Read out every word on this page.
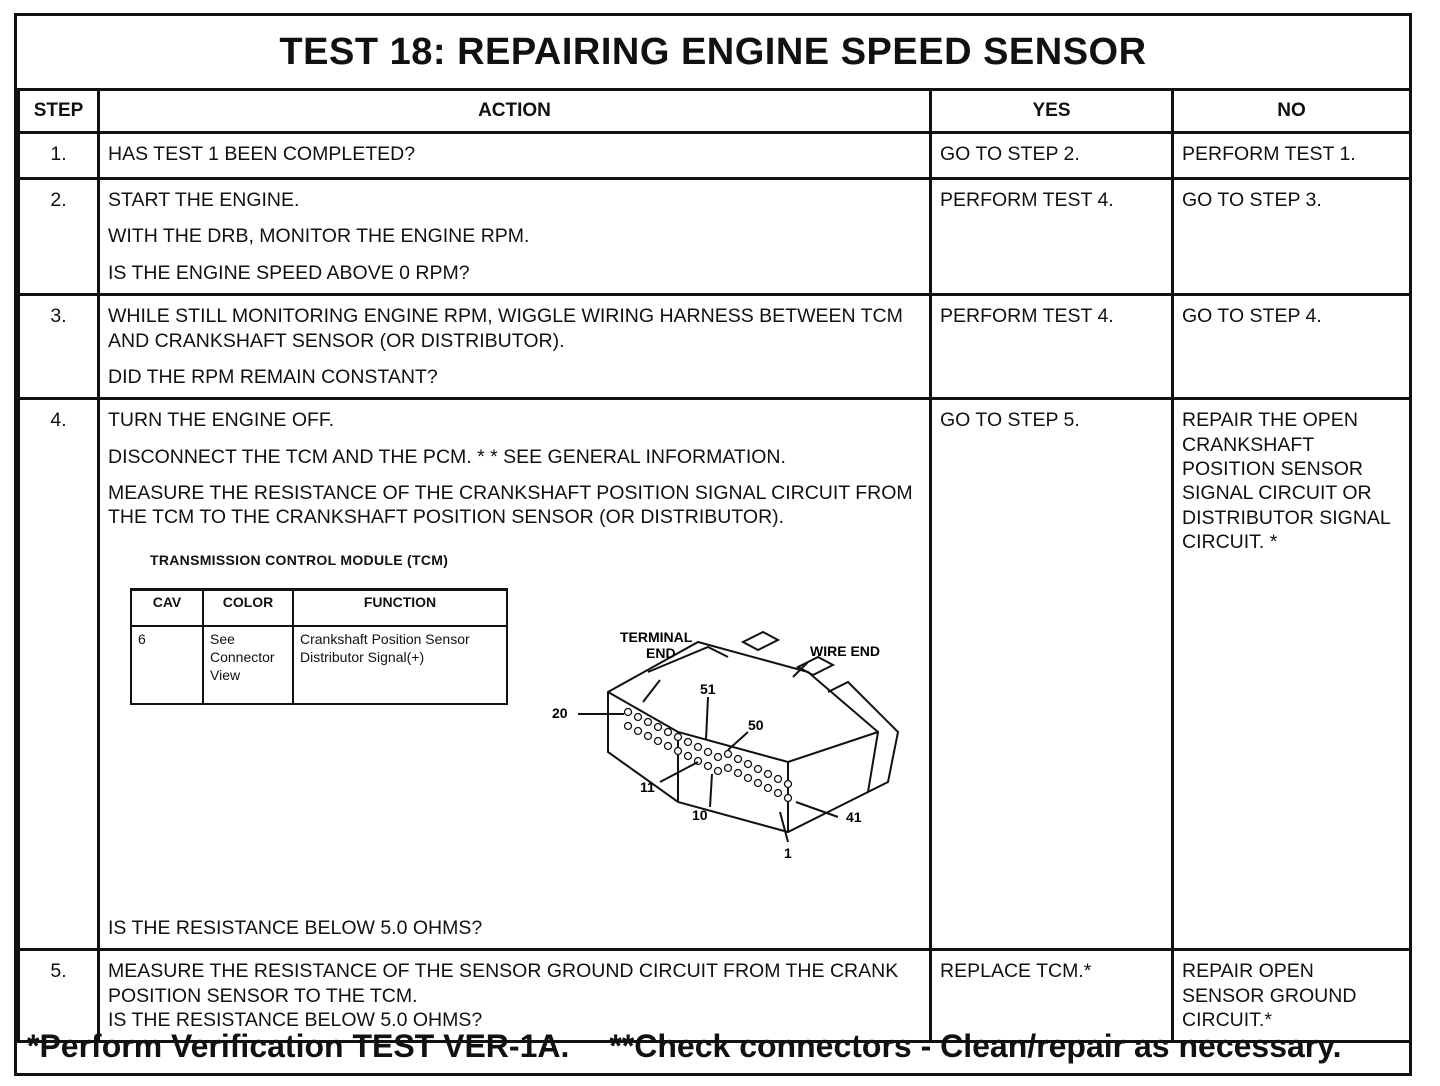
TEST 18: REPAIRING ENGINE SPEED SENSOR
STEP	ACTION	YES	NO
1.	HAS TEST 1 BEEN COMPLETED?	GO TO STEP 2.	PERFORM TEST 1.
2.	START THE ENGINE.
WITH THE DRB, MONITOR THE ENGINE RPM.
IS THE ENGINE SPEED ABOVE 0 RPM?
	PERFORM TEST 4.	GO TO STEP 3.
3.	WHILE STILL MONITORING ENGINE RPM, WIGGLE WIRING HARNESS BETWEEN TCM AND CRANKSHAFT SENSOR (OR DISTRIBUTOR).
DID THE RPM REMAIN CONSTANT?
	PERFORM TEST 4.	GO TO STEP 4.
4.	TURN THE ENGINE OFF.
DISCONNECT THE TCM AND THE PCM. * * SEE GENERAL INFORMATION.
MEASURE THE RESISTANCE OF THE CRANKSHAFT POSITION SIGNAL CIRCUIT FROM THE TCM TO THE CRANKSHAFT POSITION SENSOR (OR DISTRIBUTOR).
TRANSMISSION CONTROL MODULE (TCM)
CAV	COLOR	FUNCTION
6	See Connector View	Crankshaft Position Sensor Distributor Signal(+)
TERMINAL
END	WIRE END
20
51
50
11
10	41
1
IS THE RESISTANCE BELOW 5.0 OHMS?
	GO TO STEP 5.	REPAIR THE OPEN CRANKSHAFT POSITION SENSOR SIGNAL CIRCUIT OR DISTRIBUTOR SIGNAL CIRCUIT. *
5.	MEASURE THE RESISTANCE OF THE SENSOR GROUND CIRCUIT FROM THE CRANK POSITION SENSOR TO THE TCM.
IS THE RESISTANCE BELOW 5.0 OHMS?
	REPLACE TCM.*	REPAIR OPEN SENSOR GROUND CIRCUIT.*
*Perform Verification TEST VER-1A. **Check connectors - Clean/repair as necessary.
